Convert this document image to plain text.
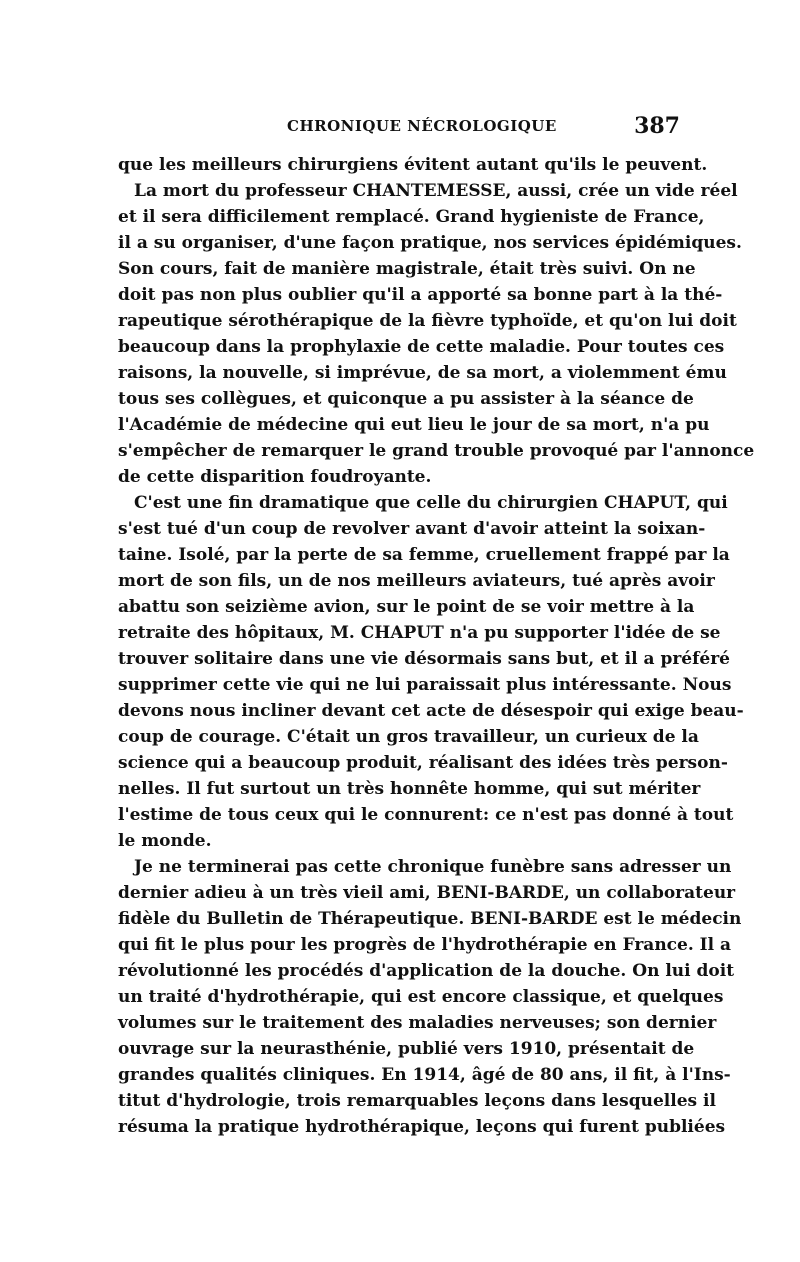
CHRONIQUE NÉCROLOGIQUE	387
que les meilleurs chirurgiens évitent autant qu'ils le peuvent.
La mort du professeur CHANTEMESSE, aussi, crée un vide réel
et il sera difficilement remplacé. Grand hygieniste de France,
il a su organiser, d'une façon pratique, nos services épidémiques.
Son cours, fait de manière magistrale, était très suivi. On ne
doit pas non plus oublier qu'il a apporté sa bonne part à la thé-
rapeutique sérothérapique de la fièvre typhoïde, et qu'on lui doit
beaucoup dans la prophylaxie de cette maladie. Pour toutes ces
raisons, la nouvelle, si imprévue, de sa mort, a violemment ému
tous ses collègues, et quiconque a pu assister à la séance de
l'Académie de médecine qui eut lieu le jour de sa mort, n'a pu
s'empêcher de remarquer le grand trouble provoqué par l'annonce
de cette disparition foudroyante.
C'est une fin dramatique que celle du chirurgien CHAPUT, qui
s'est tué d'un coup de revolver avant d'avoir atteint la soixan-
taine. Isolé, par la perte de sa femme, cruellement frappé par la
mort de son fils, un de nos meilleurs aviateurs, tué après avoir
abattu son seizième avion, sur le point de se voir mettre à la
retraite des hôpitaux, M. CHAPUT n'a pu supporter l'idée de se
trouver solitaire dans une vie désormais sans but, et il a préféré
supprimer cette vie qui ne lui paraissait plus intéressante. Nous
devons nous incliner devant cet acte de désespoir qui exige beau-
coup de courage. C'était un gros travailleur, un curieux de la
science qui a beaucoup produit, réalisant des idées très person-
nelles. Il fut surtout un très honnête homme, qui sut mériter
l'estime de tous ceux qui le connurent: ce n'est pas donné à tout
le monde.
Je ne terminerai pas cette chronique funèbre sans adresser un
dernier adieu à un très vieil ami, BENI-BARDE, un collaborateur
fidèle du Bulletin de Thérapeutique. BENI-BARDE est le médecin
qui fit le plus pour les progrès de l'hydrothérapie en France. Il a
révolutionné les procédés d'application de la douche. On lui doit
un traité d'hydrothérapie, qui est encore classique, et quelques
volumes sur le traitement des maladies nerveuses; son dernier
ouvrage sur la neurasthénie, publié vers 1910, présentait de
grandes qualités cliniques. En 1914, âgé de 80 ans, il fit, à l'Ins-
titut d'hydrologie, trois remarquables leçons dans lesquelles il
résuma la pratique hydrothérapique, leçons qui furent publiées
